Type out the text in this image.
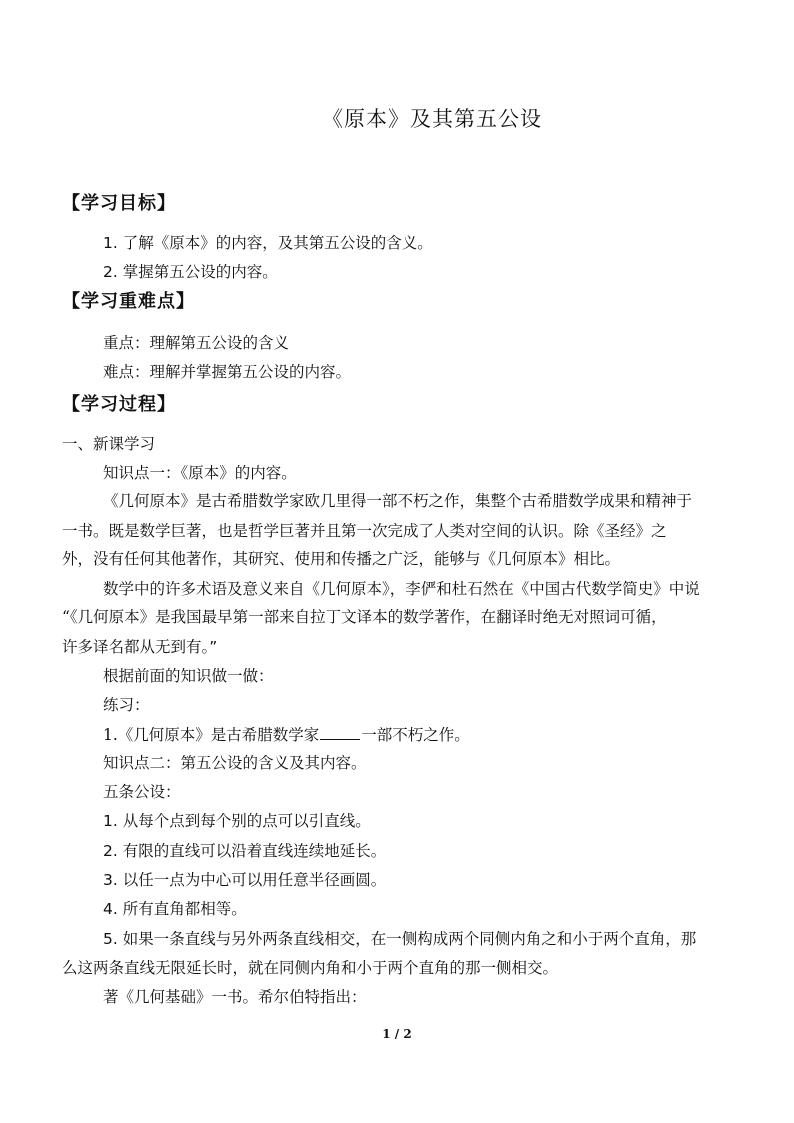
《原本》及其第五公设
【学习目标】
1. 了解《原本》的内容，及其第五公设的含义。
2. 掌握第五公设的内容。
【学习重难点】
重点：理解第五公设的含义
难点：理解并掌握第五公设的内容。
【学习过程】
一、新课学习
知识点一：《原本》的内容。
《几何原本》是古希腊数学家欧几里得一部不朽之作，集整个古希腊数学成果和精神于
一书。既是数学巨著，也是哲学巨著并且第一次完成了人类对空间的认识。除《圣经》之
外，没有任何其他著作，其研究、使用和传播之广泛，能够与《几何原本》相比。
数学中的许多术语及意义来自《几何原本》，李俨和杜石然在《中国古代数学简史》中说
“《几何原本》是我国最早第一部来自拉丁文译本的数学著作，在翻译时绝无对照词可循，
许多译名都从无到有。”
根据前面的知识做一做：
练习：
1.《几何原本》是古希腊数学家	一部不朽之作。
知识点二：第五公设的含义及其内容。
五条公设：
1. 从每个点到每个别的点可以引直线。
2. 有限的直线可以沿着直线连续地延长。
3. 以任一点为中心可以用任意半径画圆。
4. 所有直角都相等。
5. 如果一条直线与另外两条直线相交，在一侧构成两个同侧内角之和小于两个直角，那
么这两条直线无限延长时，就在同侧内角和小于两个直角的那一侧相交。
著《几何基础》一书。希尔伯特指出：
1 / 2
